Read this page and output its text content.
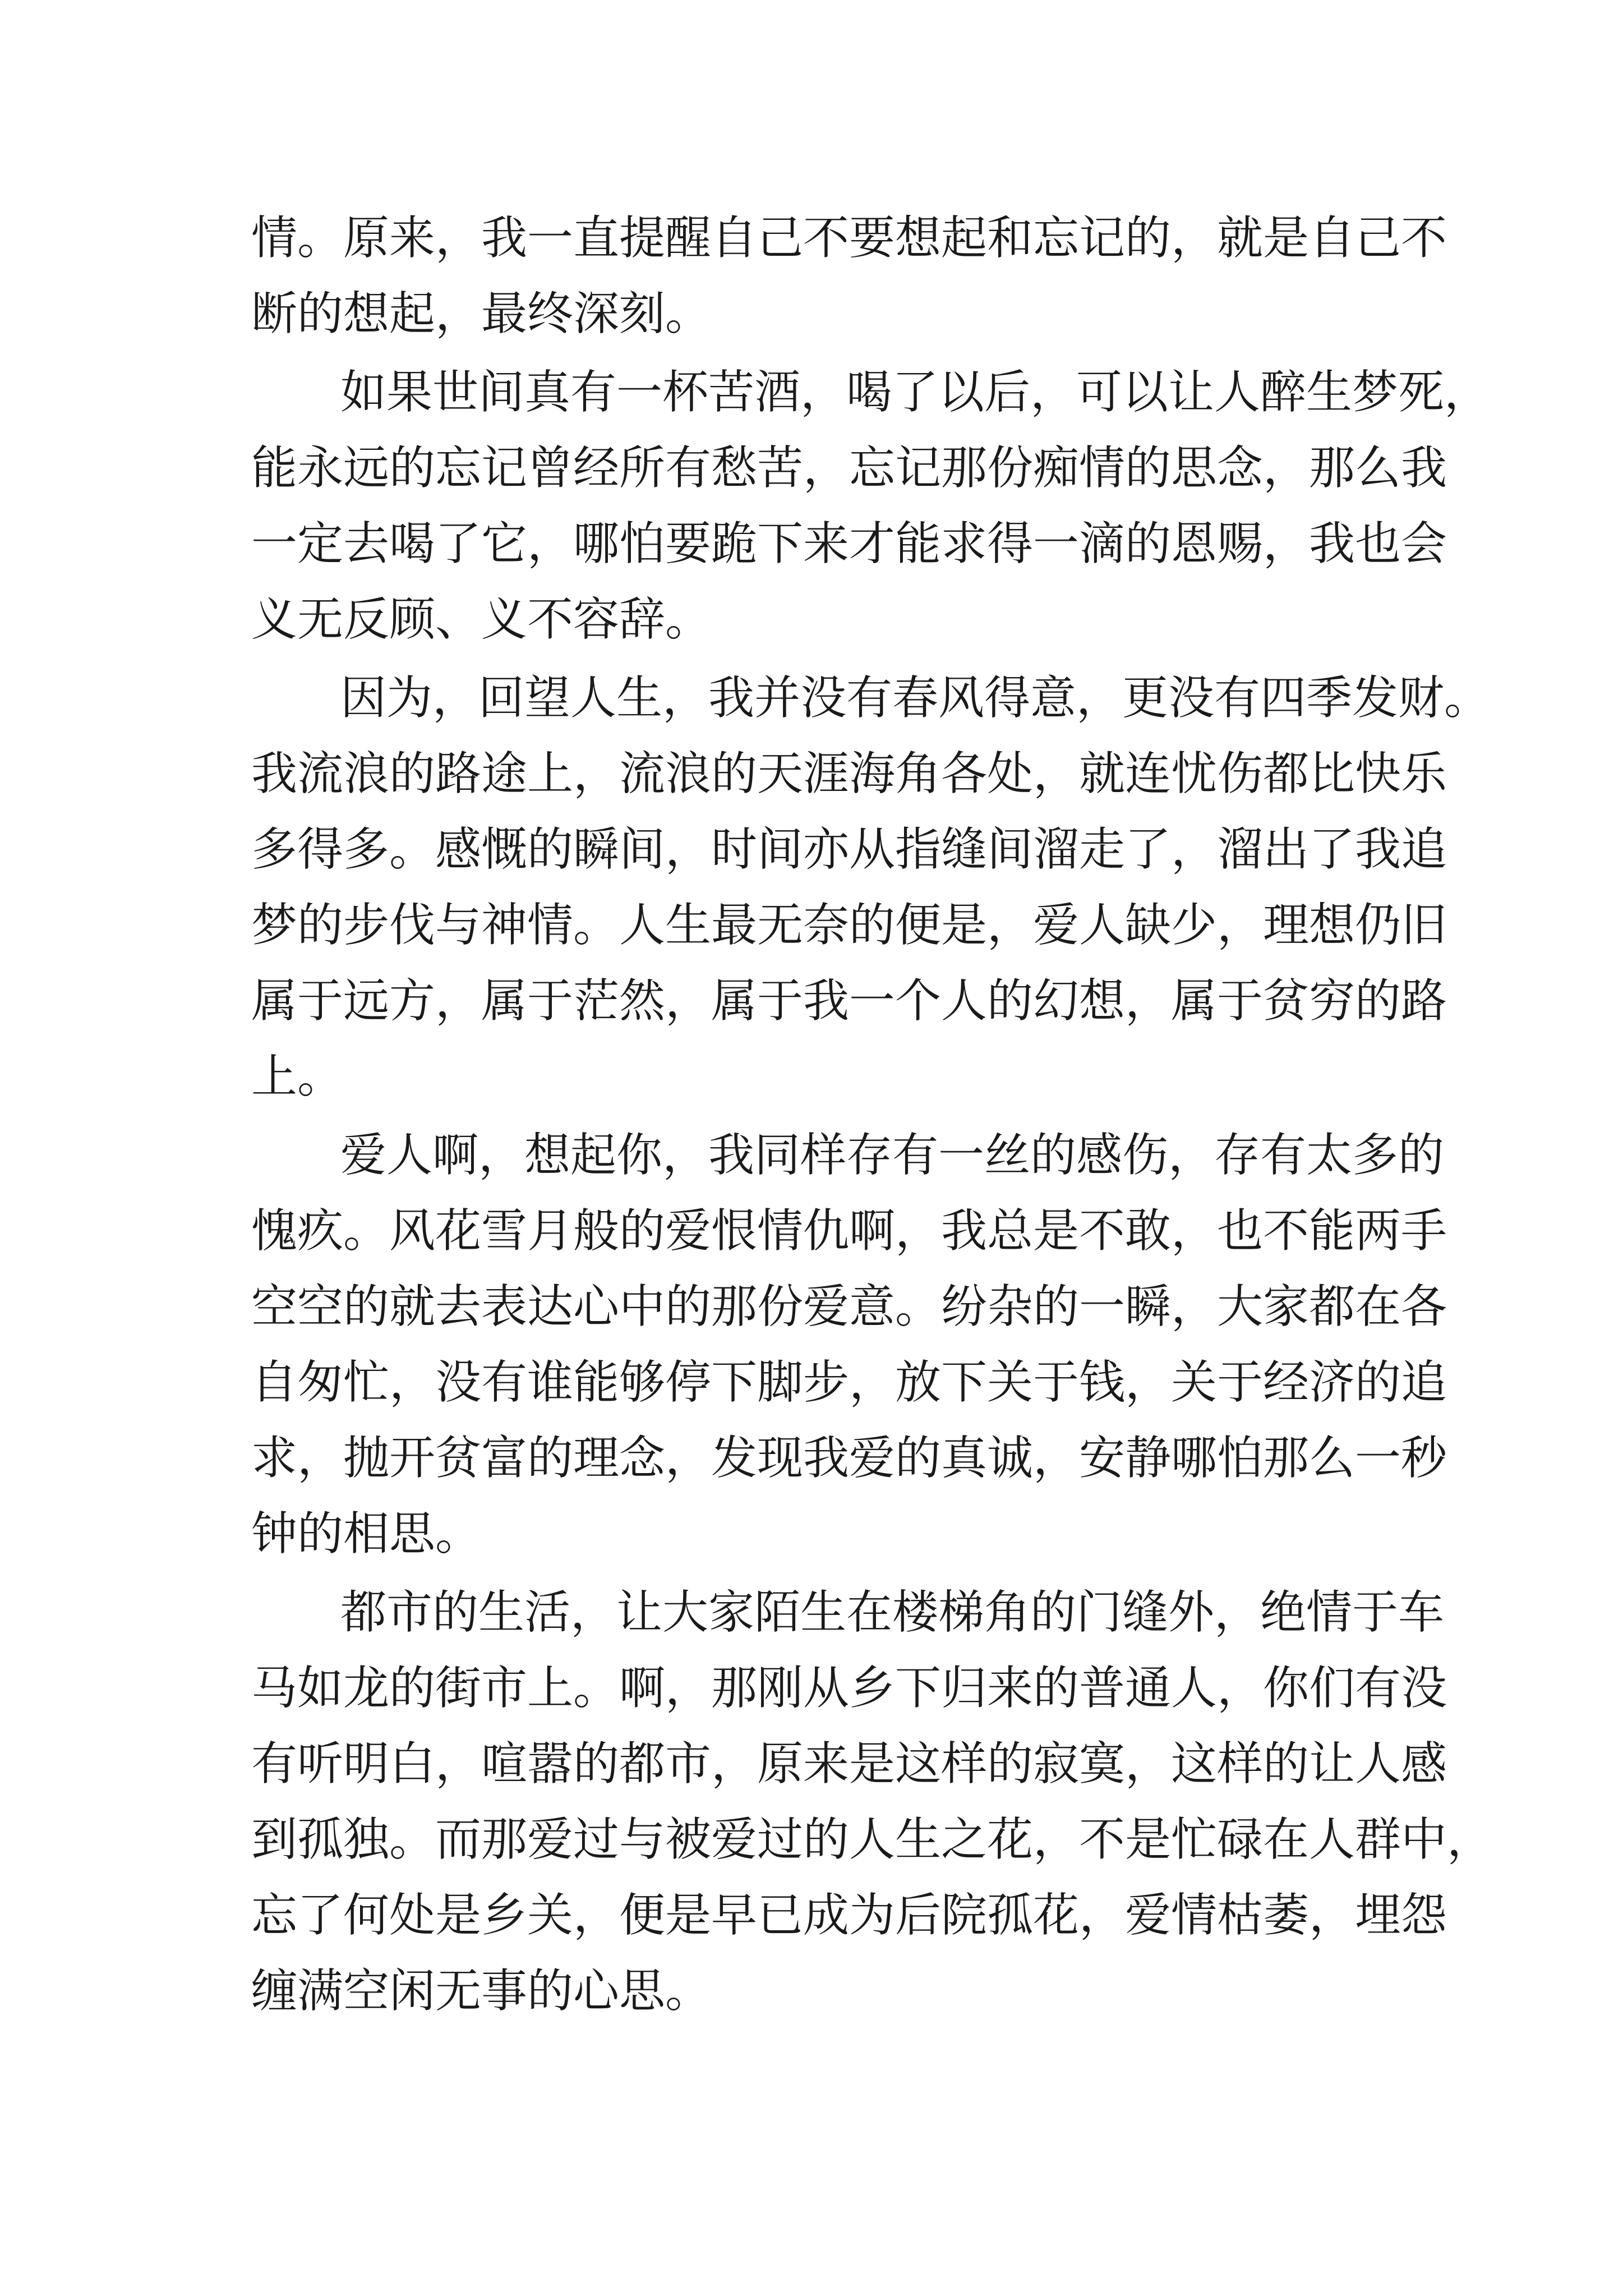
情。原来，我一直提醒自己不要想起和忘记的，就是自己不
断的想起，最终深刻。
如果世间真有一杯苦酒，喝了以后，可以让人醉生梦死，
能永远的忘记曾经所有愁苦，忘记那份痴情的思念，那么我
一定去喝了它，哪怕要跪下来才能求得一滴的恩赐，我也会
义无反顾、义不容辞。
因为，回望人生，我并没有春风得意，更没有四季发财。
我流浪的路途上，流浪的天涯海角各处，就连忧伤都比快乐
多得多。感慨的瞬间，时间亦从指缝间溜走了，溜出了我追
梦的步伐与神情。人生最无奈的便是，爱人缺少，理想仍旧
属于远方，属于茫然，属于我一个人的幻想，属于贫穷的路
上。
爱人啊，想起你，我同样存有一丝的感伤，存有太多的
愧疚。风花雪月般的爱恨情仇啊，我总是不敢，也不能两手
空空的就去表达心中的那份爱意。纷杂的一瞬，大家都在各
自匆忙，没有谁能够停下脚步，放下关于钱，关于经济的追
求，抛开贫富的理念，发现我爱的真诚，安静哪怕那么一秒
钟的相思。
都市的生活，让大家陌生在楼梯角的门缝外，绝情于车
马如龙的街市上。啊，那刚从乡下归来的普通人，你们有没
有听明白，喧嚣的都市，原来是这样的寂寞，这样的让人感
到孤独。而那爱过与被爱过的人生之花，不是忙碌在人群中，
忘了何处是乡关，便是早已成为后院孤花，爱情枯萎，埋怨
缠满空闲无事的心思。
